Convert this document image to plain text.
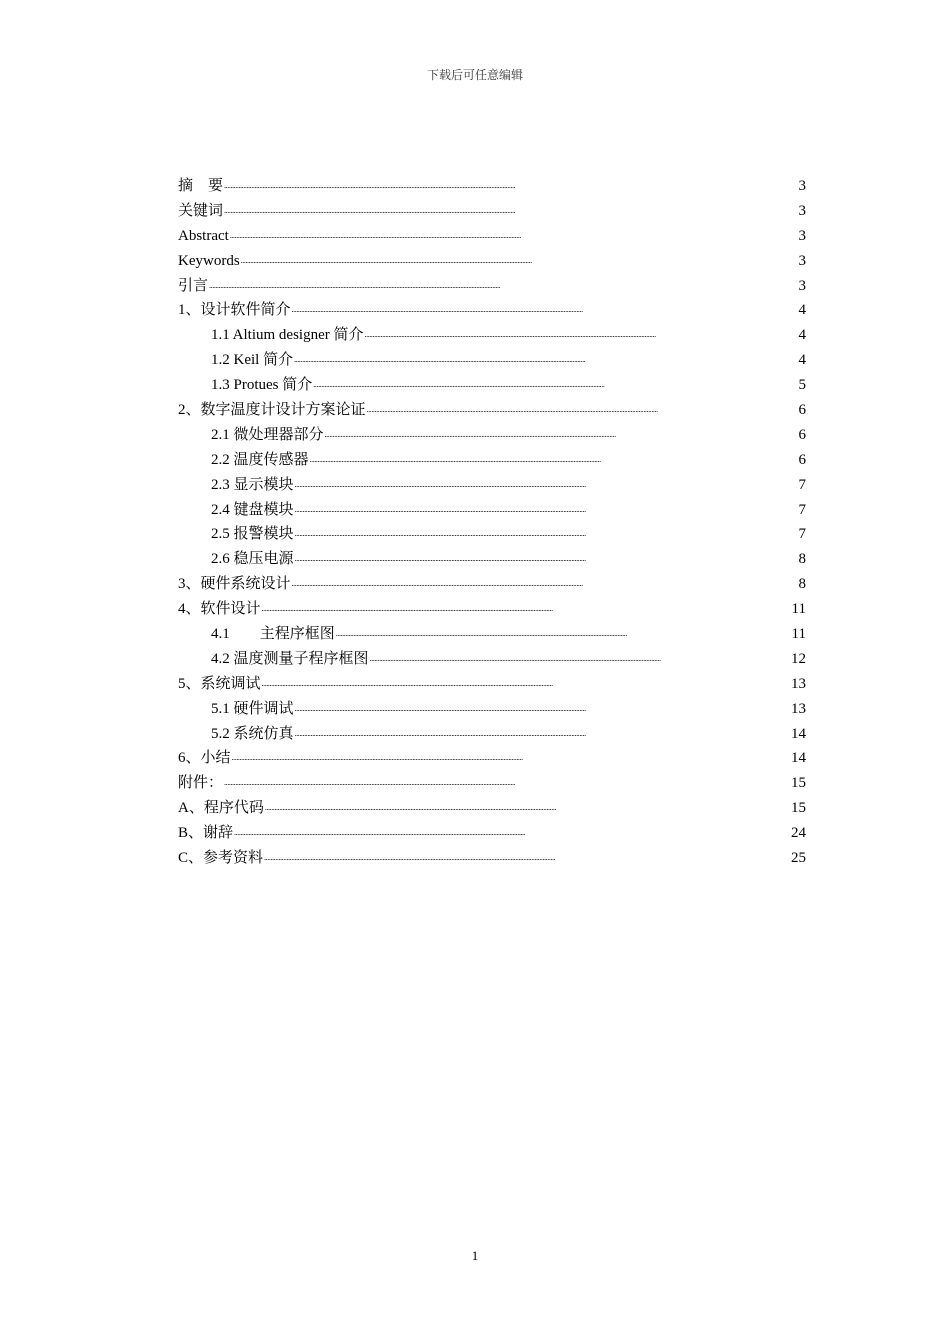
下载后可任意编辑
摘　要 . . .	3
关键词 . . .	3
Abstract . . .	3
Keywords . . .	3
引言 . . .	3
1、设计软件简介 . . .	4
1.1 Altium designer 简介 . . .	4
1.2 Keil 简介 . . .	4
1.3 Protues 简介 . . .	5
2、数字温度计设计方案论证 . . .	6
2.1 微处理器部分 . . .	6
2.2 温度传感器 . . .	6
2.3 显示模块 . . .	7
2.4 键盘模块 . . .	7
2.5 报警模块 . . .	7
2.6 稳压电源 . . .	8
3、硬件系统设计 . . .	8
4、软件设计 . . .	11
4.1 主程序框图 . . .	11
4.2 温度测量子程序框图 . . .	12
5、系统调试 . . .	13
5.1 硬件调试 . . .	13
5.2 系统仿真 . . .	14
6、小结 . . .	14
附件： . . .	15
A、程序代码 . . .	15
B、谢辞 . . .	24
C、参考资料 . . .	25
1
